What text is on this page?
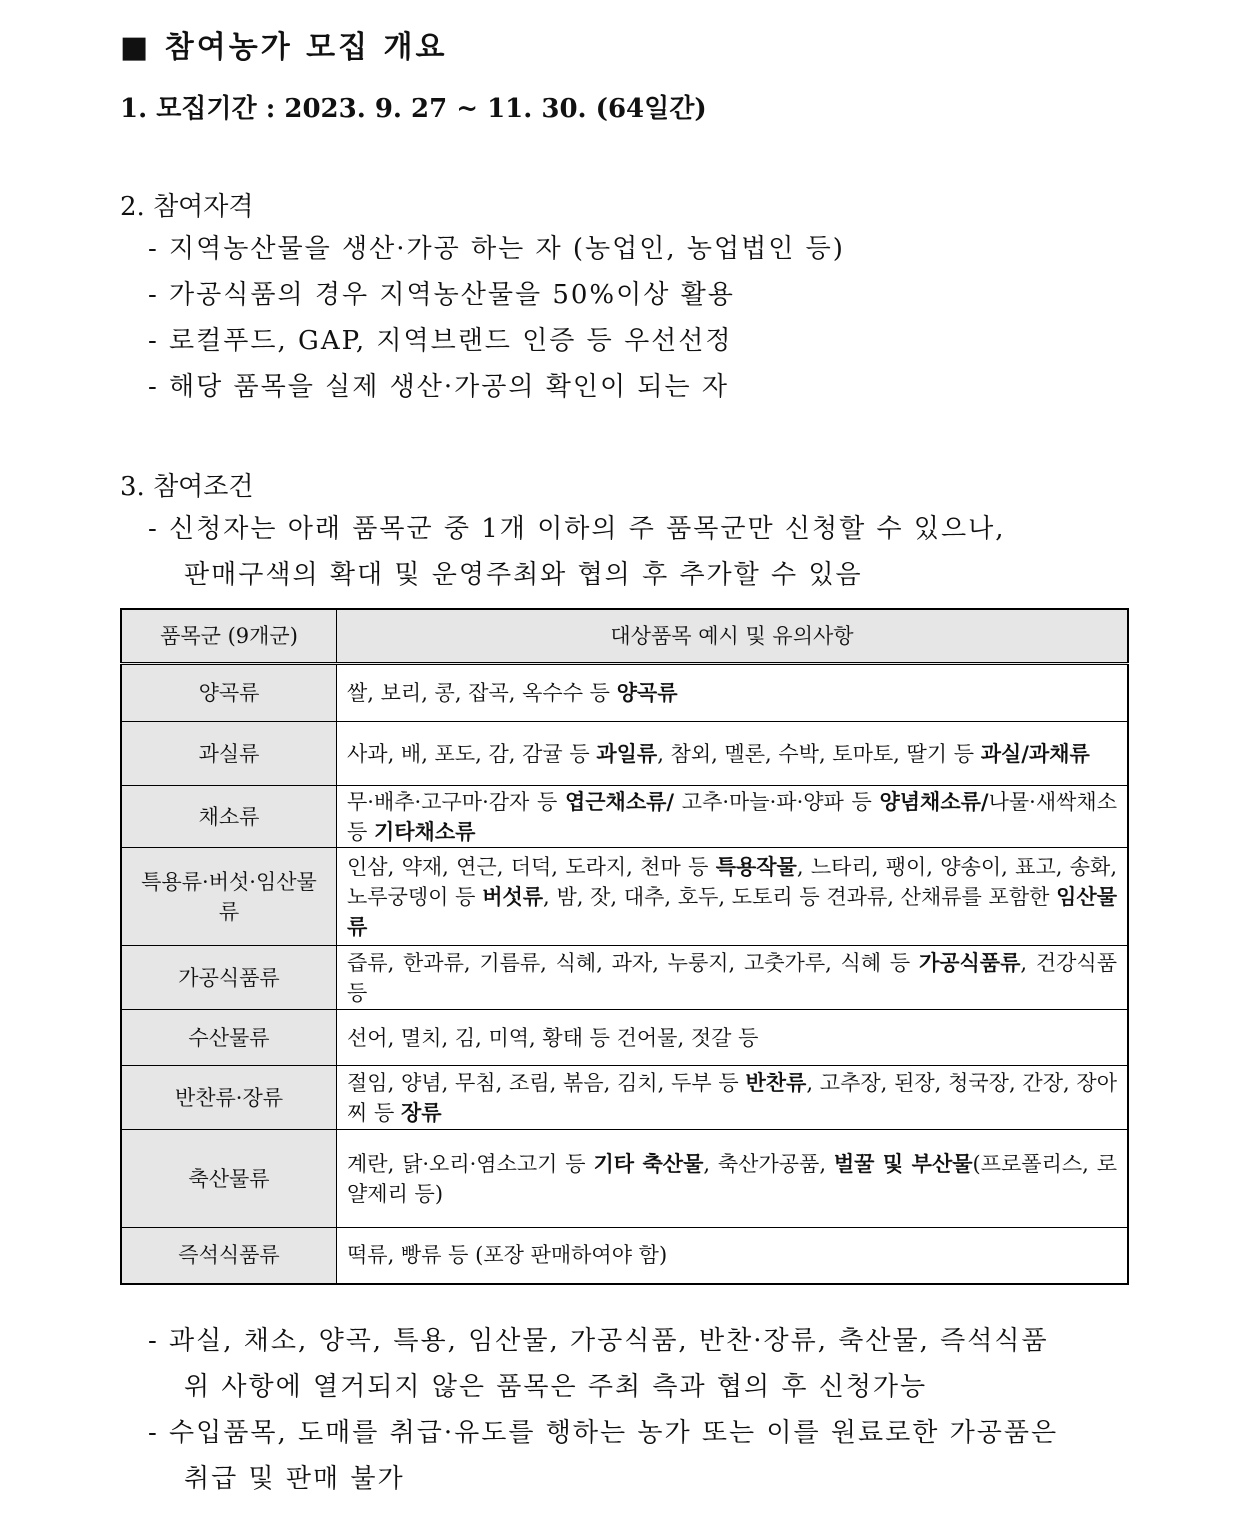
■ 참여농가 모집 개요
1. 모집기간 : 2023. 9. 27 ~ 11. 30. (64일간)
2. 참여자격
- 지역농산물을 생산·가공 하는 자 (농업인, 농업법인 등)
- 가공식품의 경우 지역농산물을 50%이상 활용
- 로컬푸드, GAP, 지역브랜드 인증 등 우선선정
- 해당 품목을 실제 생산·가공의 확인이 되는 자
3. 참여조건
- 신청자는 아래 품목군 중 1개 이하의 주 품목군만 신청할 수 있으나,
판매구색의 확대 및 운영주최와 협의 후 추가할 수 있음
품목군 (9개군)	대상품목 예시 및 유의사항
양곡류	쌀, 보리, 콩, 잡곡, 옥수수 등 양곡류
과실류	사과, 배, 포도, 감, 감귤 등 과일류, 참외, 멜론, 수박, 토마토, 딸기 등 과실/과채류
채소류	무·배추·고구마·감자 등 엽근채소류/ 고추·마늘·파·양파 등 양념채소류/나물·새싹채소 등 기타채소류
특용류·버섯·임산물류	인삼, 약재, 연근, 더덕, 도라지, 천마 등 특용작물, 느타리, 팽이, 양송이, 표고, 송화, 노루궁뎅이 등 버섯류, 밤, 잣, 대추, 호두, 도토리 등 견과류, 산채류를 포함한 임산물류
가공식품류	즙류, 한과류, 기름류, 식혜, 과자, 누룽지, 고춧가루, 식혜 등 가공식품류, 건강식품 등
수산물류	선어, 멸치, 김, 미역, 황태 등 건어물, 젓갈 등
반찬류·장류	절임, 양념, 무침, 조림, 볶음, 김치, 두부 등 반찬류, 고추장, 된장, 청국장, 간장, 장아찌 등 장류
축산물류	계란, 닭·오리·염소고기 등 기타 축산물, 축산가공품, 벌꿀 및 부산물(프로폴리스, 로얄제리 등)
즉석식품류	떡류, 빵류 등 (포장 판매하여야 함)
- 과실, 채소, 양곡, 특용, 임산물, 가공식품, 반찬·장류, 축산물, 즉석식품
위 사항에 열거되지 않은 품목은 주최 측과 협의 후 신청가능
- 수입품목, 도매를 취급·유도를 행하는 농가 또는 이를 원료로한 가공품은
취급 및 판매 불가
